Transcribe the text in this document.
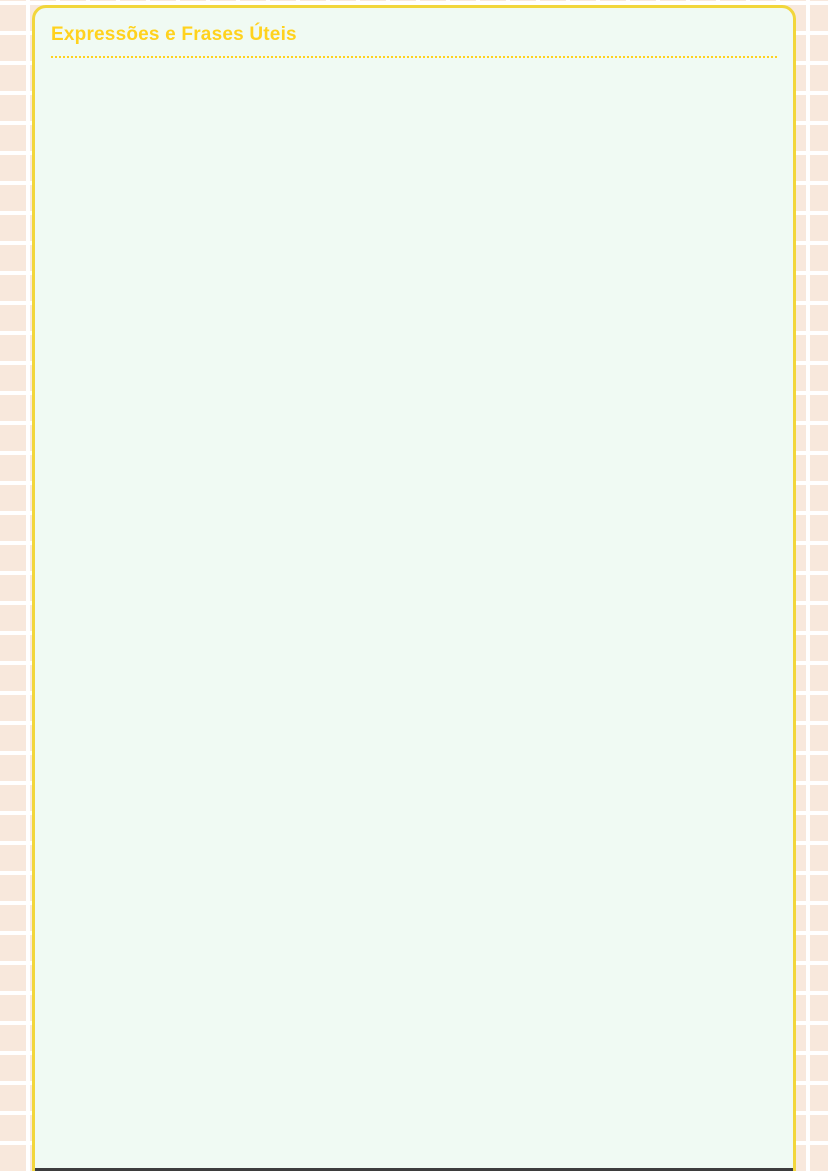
Expressões e Frases Úteis
